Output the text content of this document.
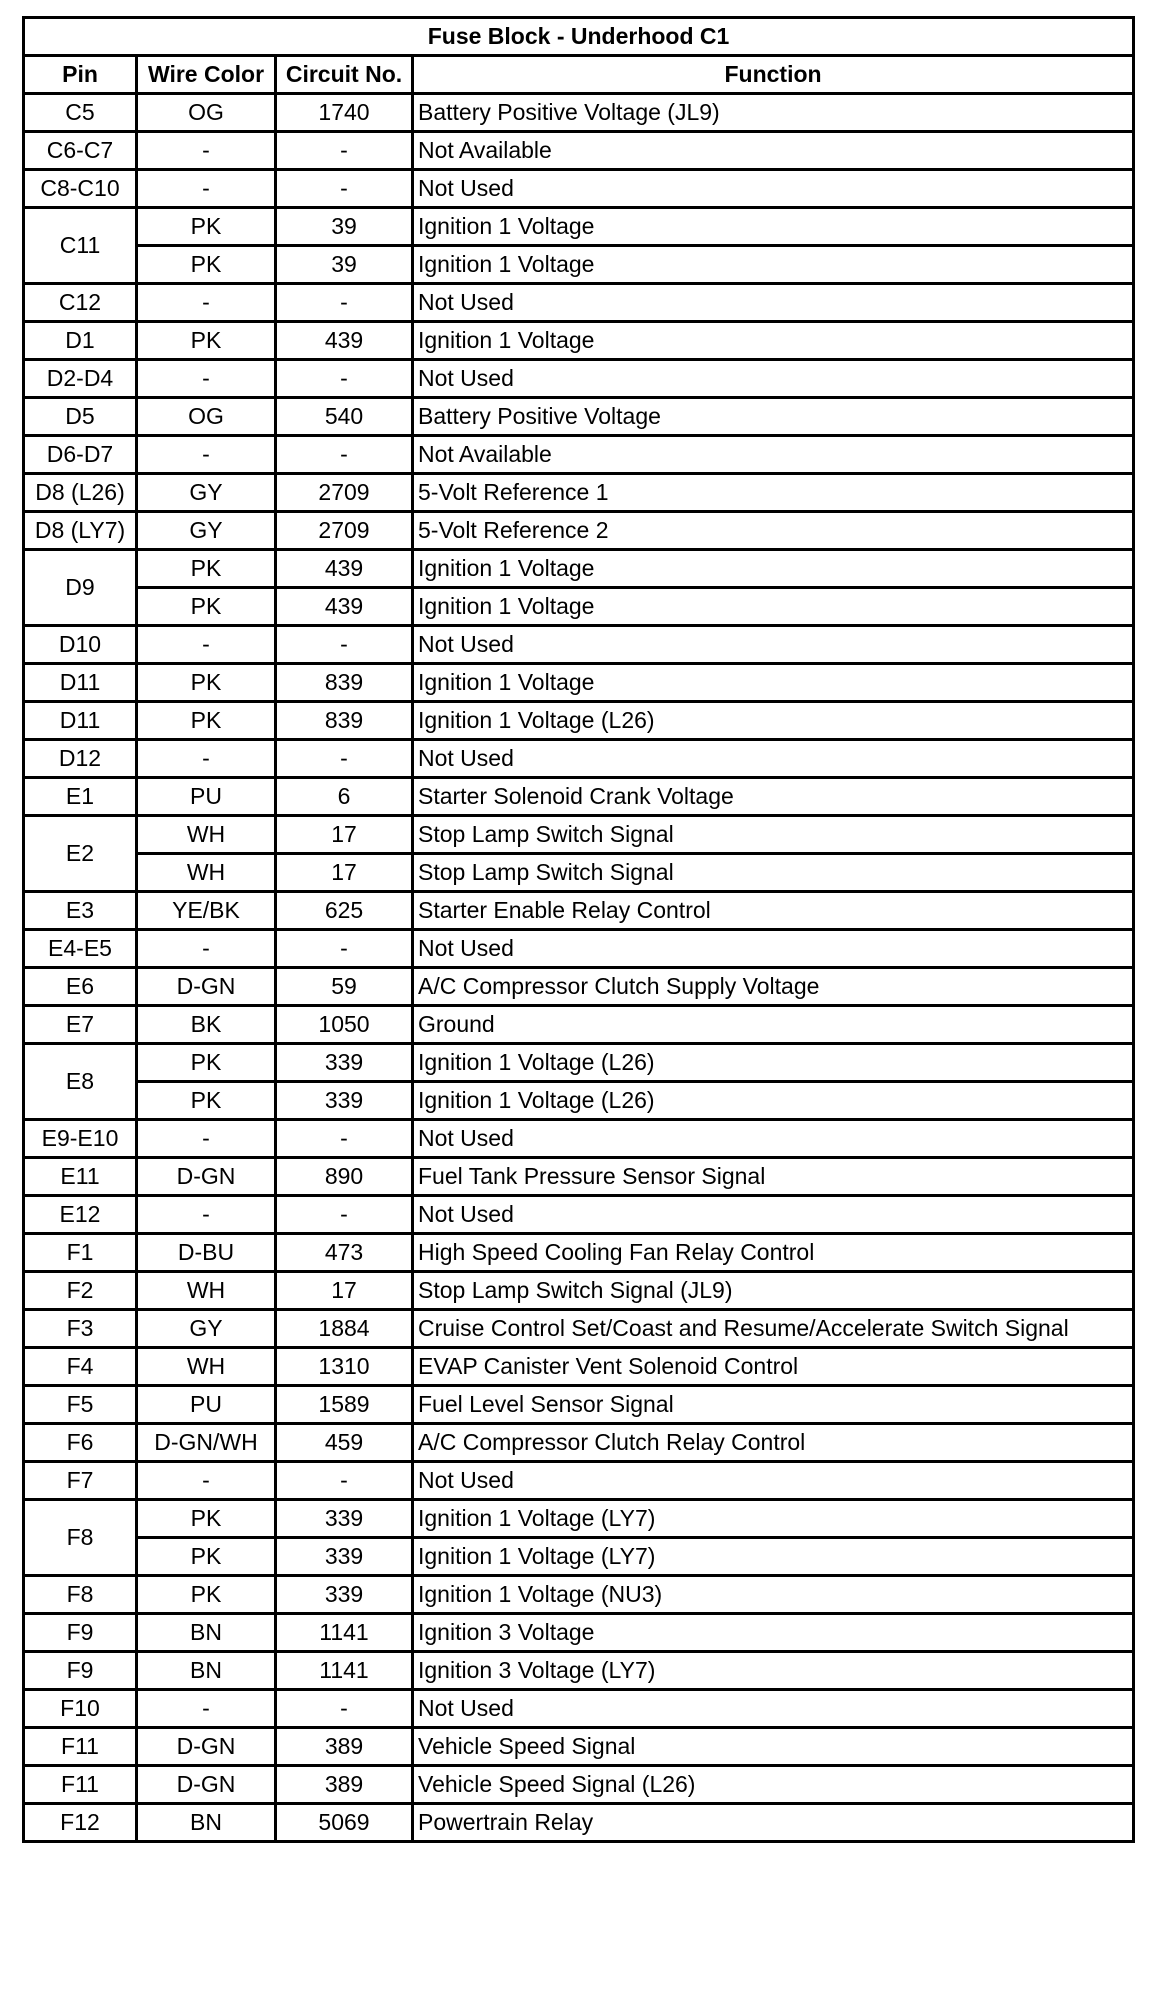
Fuse Block - Underhood C1			
Pin	Wire Color	Circuit No.	Function
C5	OG	1740	Battery Positive Voltage (JL9)
C6-C7	-	-	Not Available
C8-C10	-	-	Not Used
C11	PK	39	Ignition 1 Voltage
	PK	39	Ignition 1 Voltage
C12	-	-	Not Used
D1	PK	439	Ignition 1 Voltage
D2-D4	-	-	Not Used
D5	OG	540	Battery Positive Voltage
D6-D7	-	-	Not Available
D8 (L26)	GY	2709	5-Volt Reference 1
D8 (LY7)	GY	2709	5-Volt Reference 2
D9	PK	439	Ignition 1 Voltage
	PK	439	Ignition 1 Voltage
D10	-	-	Not Used
D11	PK	839	Ignition 1 Voltage
D11	PK	839	Ignition 1 Voltage (L26)
D12	-	-	Not Used
E1	PU	6	Starter Solenoid Crank Voltage
E2	WH	17	Stop Lamp Switch Signal
	WH	17	Stop Lamp Switch Signal
E3	YE/BK	625	Starter Enable Relay Control
E4-E5	-	-	Not Used
E6	D-GN	59	A/C Compressor Clutch Supply Voltage
E7	BK	1050	Ground
E8	PK	339	Ignition 1 Voltage (L26)
	PK	339	Ignition 1 Voltage (L26)
E9-E10	-	-	Not Used
E11	D-GN	890	Fuel Tank Pressure Sensor Signal
E12	-	-	Not Used
F1	D-BU	473	High Speed Cooling Fan Relay Control
F2	WH	17	Stop Lamp Switch Signal (JL9)
F3	GY	1884	Cruise Control Set/Coast and Resume/Accelerate Switch Signal
F4	WH	1310	EVAP Canister Vent Solenoid Control
F5	PU	1589	Fuel Level Sensor Signal
F6	D-GN/WH	459	A/C Compressor Clutch Relay Control
F7	-	-	Not Used
F8	PK	339	Ignition 1 Voltage (LY7)
	PK	339	Ignition 1 Voltage (LY7)
F8	PK	339	Ignition 1 Voltage (NU3)
F9	BN	1141	Ignition 3 Voltage
F9	BN	1141	Ignition 3 Voltage (LY7)
F10	-	-	Not Used
F11	D-GN	389	Vehicle Speed Signal
F11	D-GN	389	Vehicle Speed Signal (L26)
F12	BN	5069	Powertrain Relay
